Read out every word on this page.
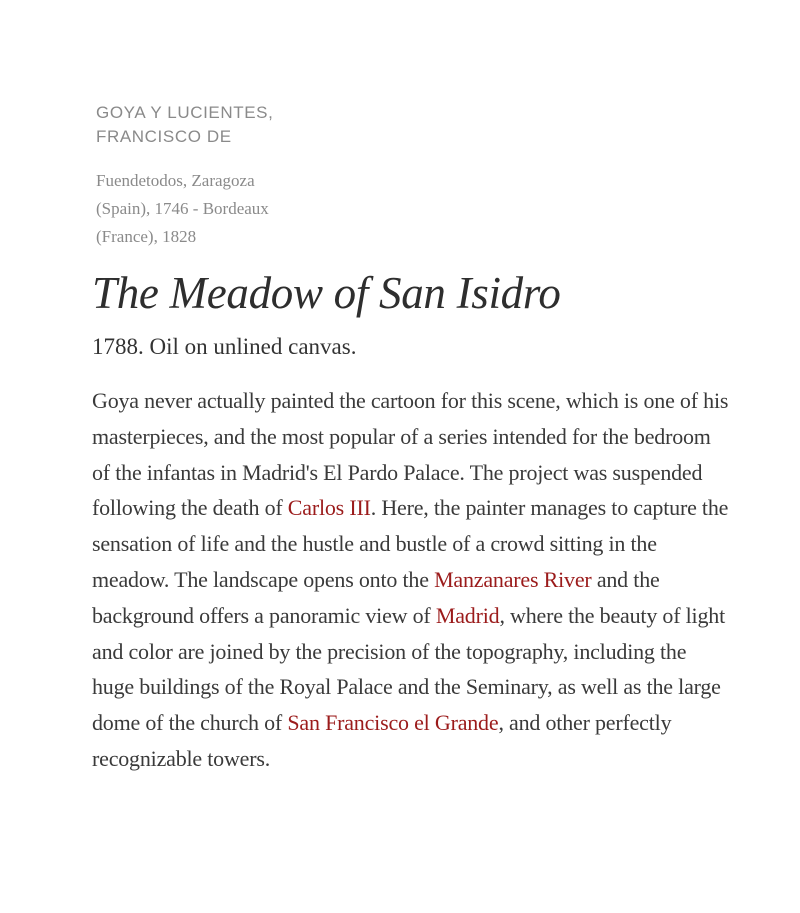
GOYA Y LUCIENTES,
FRANCISCO DE
Fuendetodos, Zaragoza
(Spain), 1746 - Bordeaux
(France), 1828
The Meadow of San Isidro
1788. Oil on unlined canvas.

Goya never actually painted the cartoon for this scene, which is one of his masterpieces, and the most popular of a series intended for the bedroom of the infantas in Madrid's El Pardo Palace. The project was suspended following the death of Carlos III. Here, the painter manages to capture the sensation of life and the hustle and bustle of a crowd sitting in the meadow. The landscape opens onto the Manzanares River and the background offers a panoramic view of Madrid, where the beauty of light and color are joined by the precision of the topography, including the huge buildings of the Royal Palace and the Seminary, as well as the large dome of the church of San Francisco el Grande, and other perfectly recognizable towers.
